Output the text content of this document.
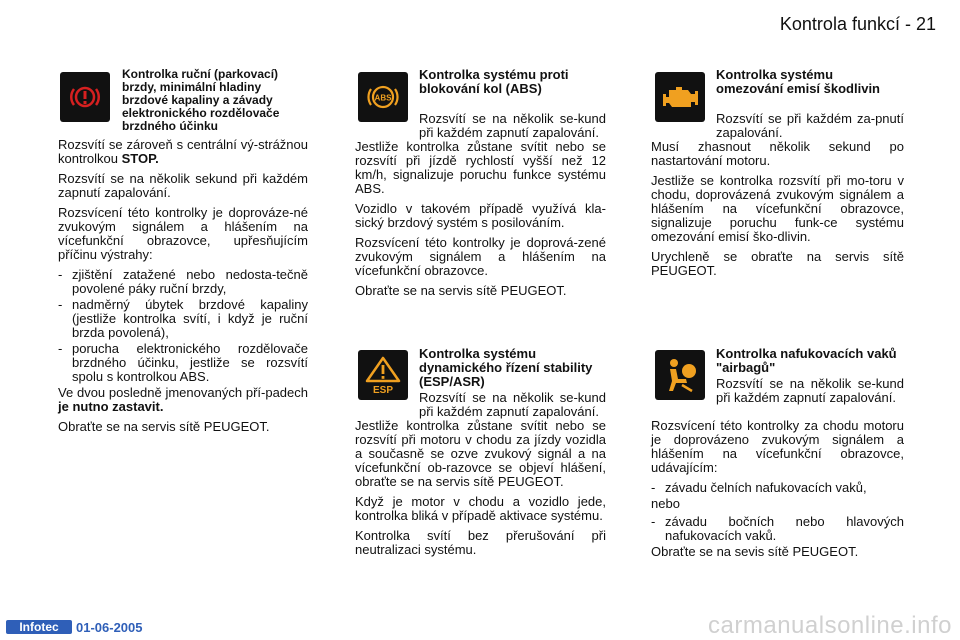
Kontrola funkcí - 21
Kontrolka ruční (parkovací) brzdy, minimální hladiny brzdové kapaliny a závady elektronického rozdělovače brzdného účinku

Rozsvítí se zároveň s centrální vý-strážnou kontrolkou STOP.

Rozsvítí se na několik sekund při každém zapnutí zapalování.

Rozsvícení této kontrolky je doprováze-né zvukovým signálem a hlášením na vícefunkční obrazovce, upřesňujícím příčinu výstrahy:

- zjištění zatažené nebo nedosta-tečně povolené páky ruční brzdy,
- nadměrný úbytek brzdové kapaliny (jestliže kontrolka svítí, i když je ruční brzda povolená),
- porucha elektronického rozdělovače brzdného účinku, jestliže se rozsvítí spolu s kontrolkou ABS.

Ve dvou posledně jmenovaných pří-padech je nutno zastavit.

Obraťte se na servis sítě PEUGEOT.

ABS
Kontrolka systému proti blokování kol (ABS)
Rozsvítí se na několik se-kund při každém zapnutí zapalování.

Jestliže kontrolka zůstane svítit nebo se rozsvítí při jízdě rychlostí vyšší než 12 km/h, signalizuje poruchu funkce systému ABS.

Vozidlo v takovém případě využívá kla-sický brzdový systém s posilováním.

Rozsvícení této kontrolky je doprová-zené zvukovým signálem a hlášením na vícefunkční obrazovce.

Obraťte se na servis sítě PEUGEOT.

ESP
Kontrolka systému dynamického řízení stability (ESP/ASR)
Rozsvítí se na několik se-kund při každém zapnutí zapalování.

Jestliže kontrolka zůstane svítit nebo se rozsvítí při motoru v chodu za jízdy vozidla a současně se ozve zvukový signál a na vícefunkční ob-razovce se objeví hlášení, obraťte se na servis sítě PEUGEOT.

Když je motor v chodu a vozidlo jede, kontrolka bliká v případě aktivace systému.

Kontrolka svítí bez přerušování při neutralizaci systému.

Kontrolka systému omezování emisí škodlivin
Rozsvítí se při každém za-pnutí zapalování.

Musí zhasnout několik sekund po nastartování motoru.

Jestliže se kontrolka rozsvítí při mo-toru v chodu, doprovázená zvukovým signálem a hlášením na vícefunkční obrazovce, signalizuje poruchu funk-ce systému omezování emisí ško-dlivin.

Urychleně se obraťte na servis sítě PEUGEOT.

Kontrolka nafukovacích vaků "airbagů"
Rozsvítí se na několik se-kund při každém zapnutí zapalování.

Rozsvícení této kontrolky za chodu motoru je doprovázeno zvukovým signálem a hlášením na vícefunkční obrazovce, udávajícím:

- závadu čelních nafukovacích vaků,

nebo

- závadu bočních nebo hlavových nafukovacích vaků.

Obraťte se na sevis sítě PEUGEOT.

Infotec	01-06-2005	carmanualsonline.info
